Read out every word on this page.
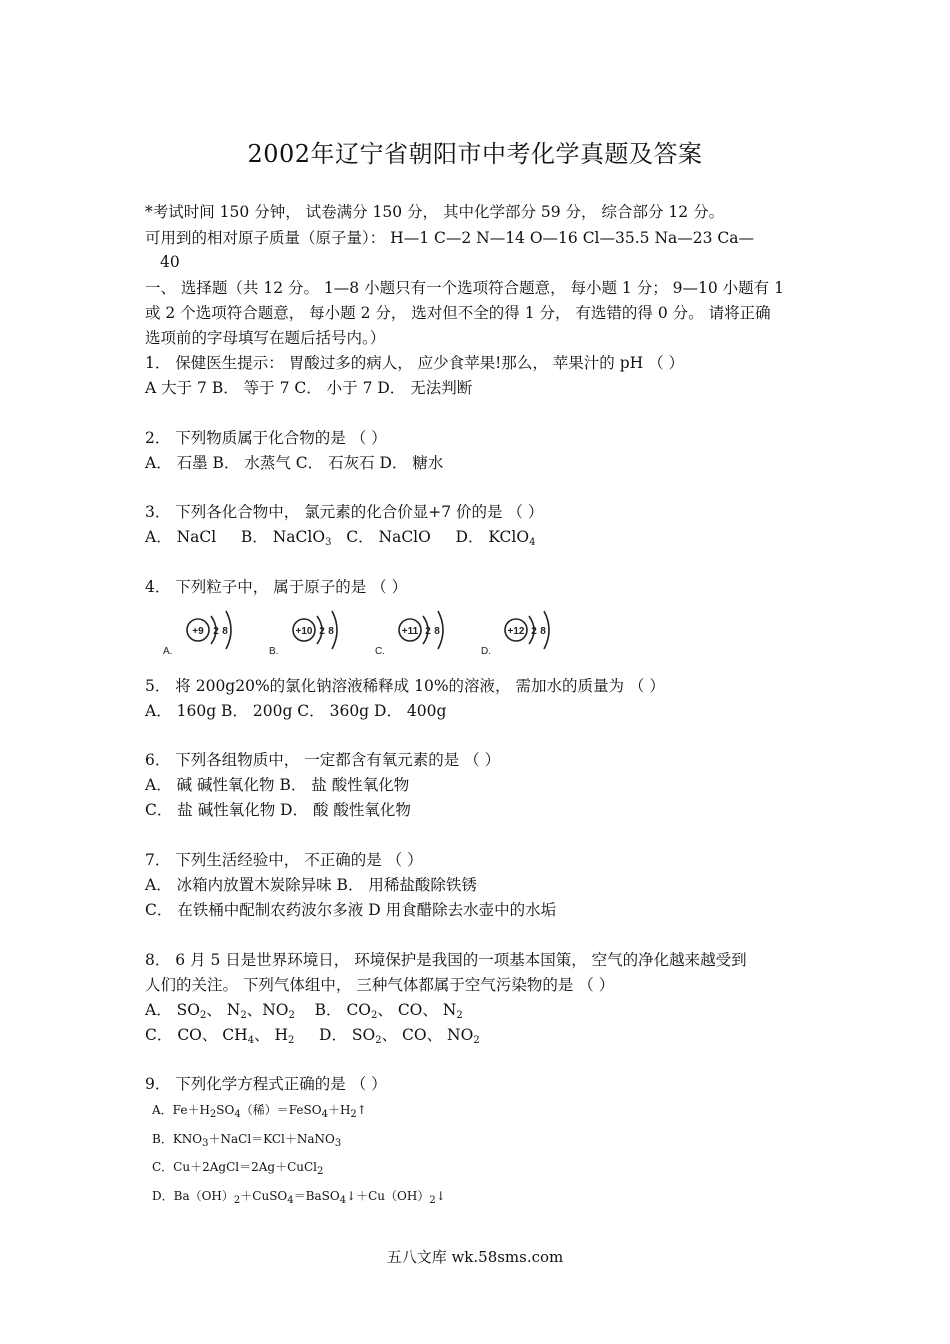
2002年辽宁省朝阳市中考化学真题及答案
*考试时间 150 分钟， 试卷满分 150 分， 其中化学部分 59 分， 综合部分 12 分。
可用到的相对原子质量（原子量）： H—1 C—2 N—14 O—16 Cl—35.5 Na—23 Ca—
40
一、 选择题（共 12 分。 1—8 小题只有一个选项符合题意， 每小题 1 分； 9—10 小题有 1
或 2 个选项符合题意， 每小题 2 分， 选对但不全的得 1 分， 有选错的得 0 分。 请将正确
选项前的字母填写在题后括号内。）
1． 保健医生提示： 胃酸过多的病人， 应少食苹果!那么， 苹果汁的 pH （ ）
A 大于 7 B． 等于 7 C． 小于 7 D． 无法判断
2． 下列物质属于化合物的是 （ ）
A． 石墨 B． 水蒸气 C． 石灰石 D． 糖水
3． 下列各化合物中， 氯元素的化合价显+7 价的是 （ ）
A． NaCl B． NaClO$_3$ C． NaClO D． KClO$_4$
4． 下列粒子中， 属于原子的是 （ ）
A.
+9 2 8
B.
+10 2 8
C.
+11 2 8
D.
+12 2 8
5． 将 200g20%的氯化钠溶液稀释成 10%的溶液， 需加水的质量为 （ ）
A． 160g B． 200g C． 360g D． 400g
6． 下列各组物质中， 一定都含有氧元素的是 （ ）
A． 碱 碱性氧化物 B． 盐 酸性氧化物
C． 盐 碱性氧化物 D． 酸 酸性氧化物
7． 下列生活经验中， 不正确的是 （ ）
A． 冰箱内放置木炭除异味 B． 用稀盐酸除铁锈
C． 在铁桶中配制农药波尔多液 D 用食醋除去水壶中的水垢
8． 6 月 5 日是世界环境日， 环境保护是我国的一项基本国策， 空气的净化越来越受到
人们的关注。 下列气体组中， 三种气体都属于空气污染物的是 （ ）
A． $SO_2$、 $N_2$、$NO_2$ B． $CO_2$、 CO、 $N_2$
C． CO、 $CH_4$、 $H_2$ D． $SO_2$、 CO、 $NO_2$
9． 下列化学方程式正确的是 （ ）
A．$Fe+H_2SO_4$（稀）$=FeSO_4+H_2↑$
B．$KNO_3+NaCl=KCl+NaNO_3$
C．Cu＋2AgCl＝2Ag＋CuCl$_2$
D．$Ba(OH)_2+CuSO_4=BaSO_4↓+Cu(OH)_2↓$
五八文库 wk.58sms.com
